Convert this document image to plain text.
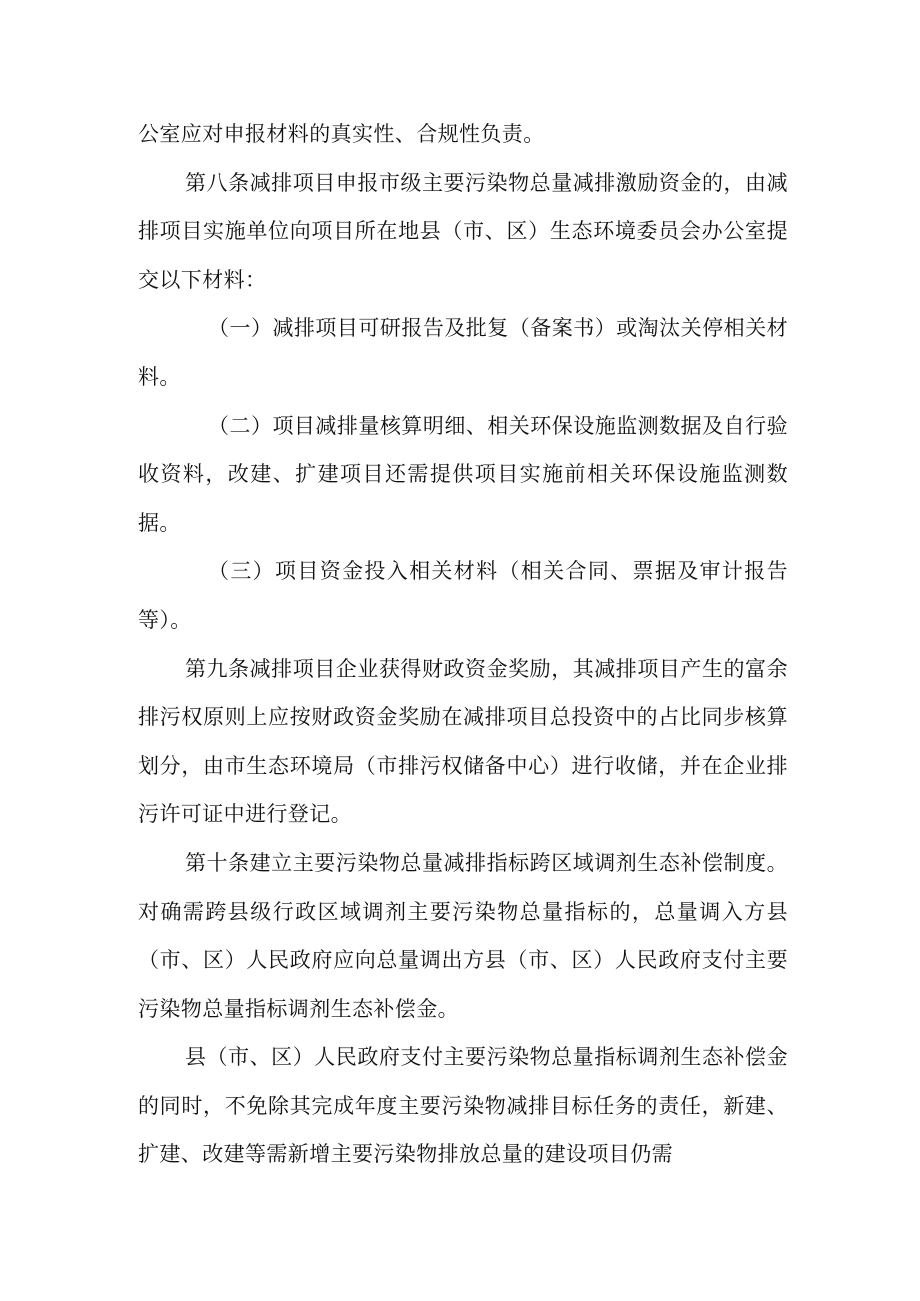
公室应对申报材料的真实性、合规性负责。

第八条减排项目申报市级主要污染物总量减排激励资金的，由减排项目实施单位向项目所在地县（市、区）生态环境委员会办公室提交以下材料：

（一）减排项目可研报告及批复（备案书）或淘汰关停相关材料。

（二）项目减排量核算明细、相关环保设施监测数据及自行验收资料，改建、扩建项目还需提供项目实施前相关环保设施监测数据。

（三）项目资金投入相关材料（相关合同、票据及审计报告等）。

第九条减排项目企业获得财政资金奖励，其减排项目产生的富余排污权原则上应按财政资金奖励在减排项目总投资中的占比同步核算划分，由市生态环境局（市排污权储备中心）进行收储，并在企业排污许可证中进行登记。

第十条建立主要污染物总量减排指标跨区域调剂生态补偿制度。对确需跨县级行政区域调剂主要污染物总量指标的，总量调入方县（市、区）人民政府应向总量调出方县（市、区）人民政府支付主要污染物总量指标调剂生态补偿金。

县（市、区）人民政府支付主要污染物总量指标调剂生态补偿金的同时，不免除其完成年度主要污染物减排目标任务的责任，新建、扩建、改建等需新增主要污染物排放总量的建设项目仍需
